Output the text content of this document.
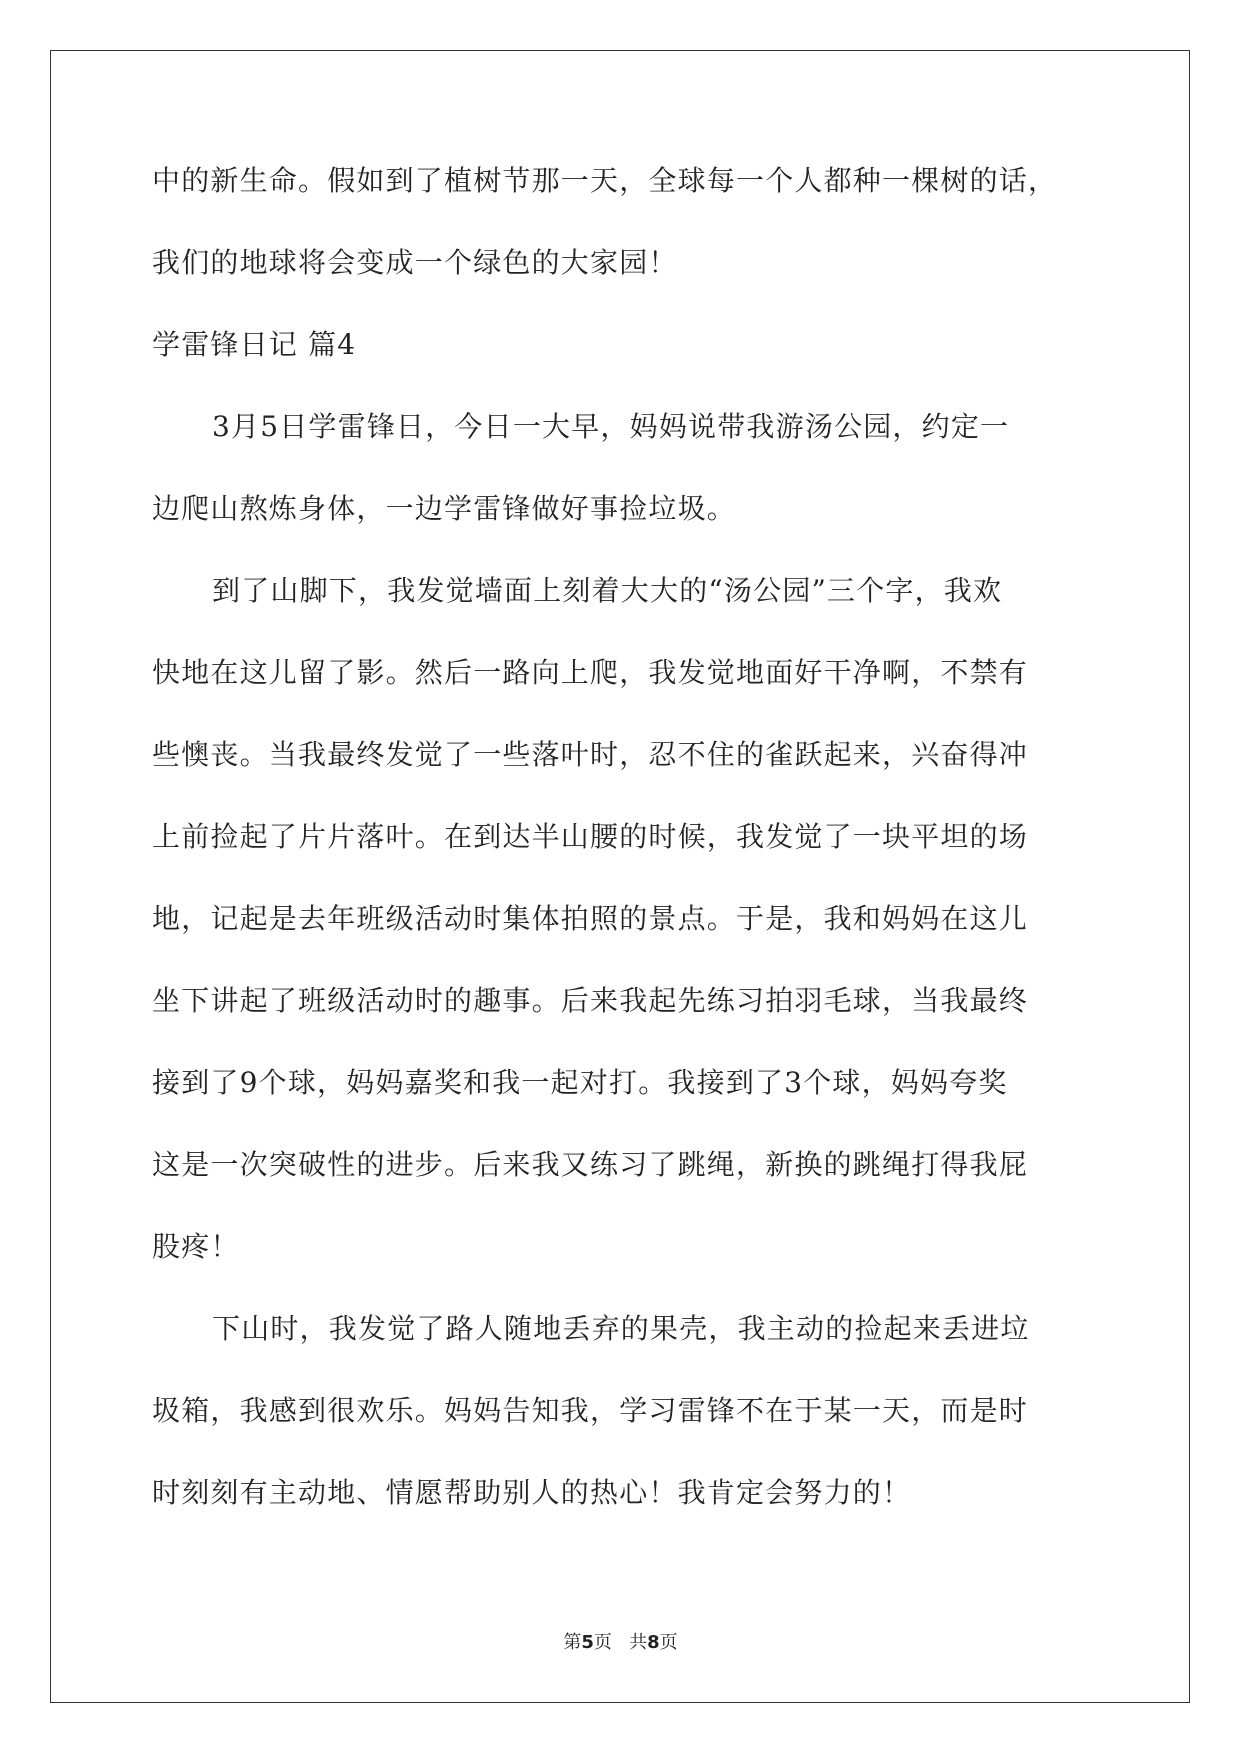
中的新生命。假如到了植树节那一天，全球每一个人都种一棵树的话，
我们的地球将会变成一个绿色的大家园！
学雷锋日记 篇4
3月5日学雷锋日，今日一大早，妈妈说带我游汤公园，约定一
边爬山熬炼身体，一边学雷锋做好事捡垃圾。
到了山脚下，我发觉墙面上刻着大大的“汤公园”三个字，我欢
快地在这儿留了影。然后一路向上爬，我发觉地面好干净啊，不禁有
些懊丧。当我最终发觉了一些落叶时，忍不住的雀跃起来，兴奋得冲
上前捡起了片片落叶。在到达半山腰的时候，我发觉了一块平坦的场
地，记起是去年班级活动时集体拍照的景点。于是，我和妈妈在这儿
坐下讲起了班级活动时的趣事。后来我起先练习拍羽毛球，当我最终
接到了9个球，妈妈嘉奖和我一起对打。我接到了3个球，妈妈夸奖
这是一次突破性的进步。后来我又练习了跳绳，新换的跳绳打得我屁
股疼！
下山时，我发觉了路人随地丢弃的果壳，我主动的捡起来丢进垃
圾箱，我感到很欢乐。妈妈告知我，学习雷锋不在于某一天，而是时
时刻刻有主动地、情愿帮助别人的热心！我肯定会努力的！
第5页 共8页
